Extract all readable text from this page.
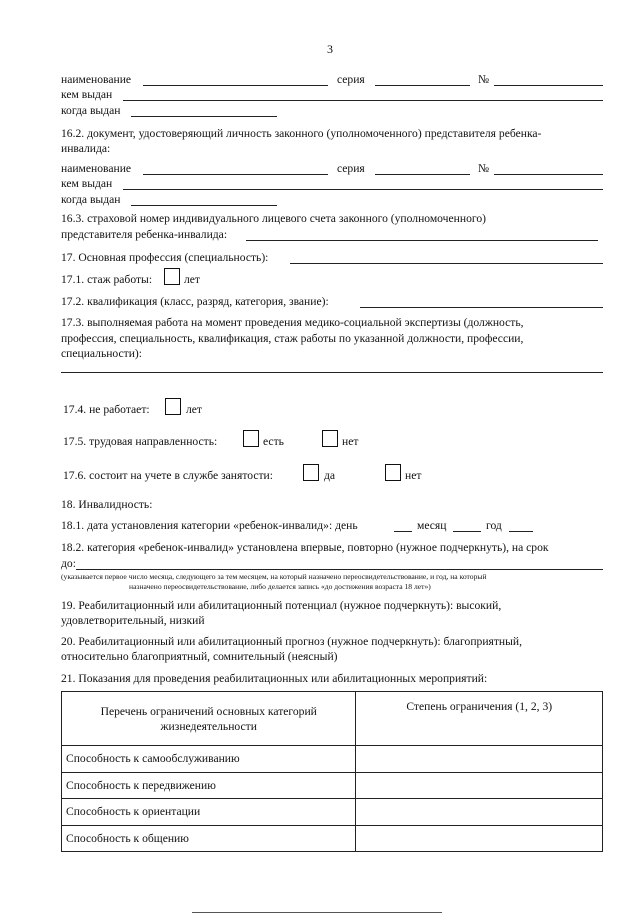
3
наименование	серия	№
кем выдан
когда выдан
16.2. документ, удостоверяющий личность законного (уполномоченного) представителя ребенка-
инвалида:
наименование	серия	№
кем выдан
когда выдан
16.3. страховой номер индивидуального лицевого счета законного (уполномоченного)
представителя ребенка-инвалида:
17. Основная профессия (специальность):
17.1. стаж работы:	лет
17.2. квалификация (класс, разряд, категория, звание):
17.3. выполняемая работа на момент проведения медико-социальной экспертизы (должность,
профессия, специальность, квалификация, стаж работы по указанной должности, профессии,
специальности):
17.4. не работает:	лет
17.5. трудовая направленность:	есть	нет
17.6. состоит на учете в службе занятости:	да	нет
18. Инвалидность:
18.1. дата установления категории «ребенок-инвалид»: день	месяц	год
18.2. категория «ребенок-инвалид» установлена впервые, повторно (нужное подчеркнуть), на срок
до:
(указывается первое число месяца, следующего за тем месяцем, на который назначено переосвидетельствование, и год, на который
назначено переосвидетельствование, либо делается запись «до достижения возраста 18 лет»)
19. Реабилитационный или абилитационный потенциал (нужное подчеркнуть): высокий,
удовлетворительный, низкий
20. Реабилитационный или абилитационный прогноз (нужное подчеркнуть): благоприятный,
относительно благоприятный, сомнительный (неясный)
21. Показания для проведения реабилитационных или абилитационных мероприятий:
Перечень ограничений основных категорий
жизнедеятельности	Степень ограничения (1, 2, 3)
Способность к самообслуживанию	
Способность к передвижению	
Способность к ориентации	
Способность к общению	
